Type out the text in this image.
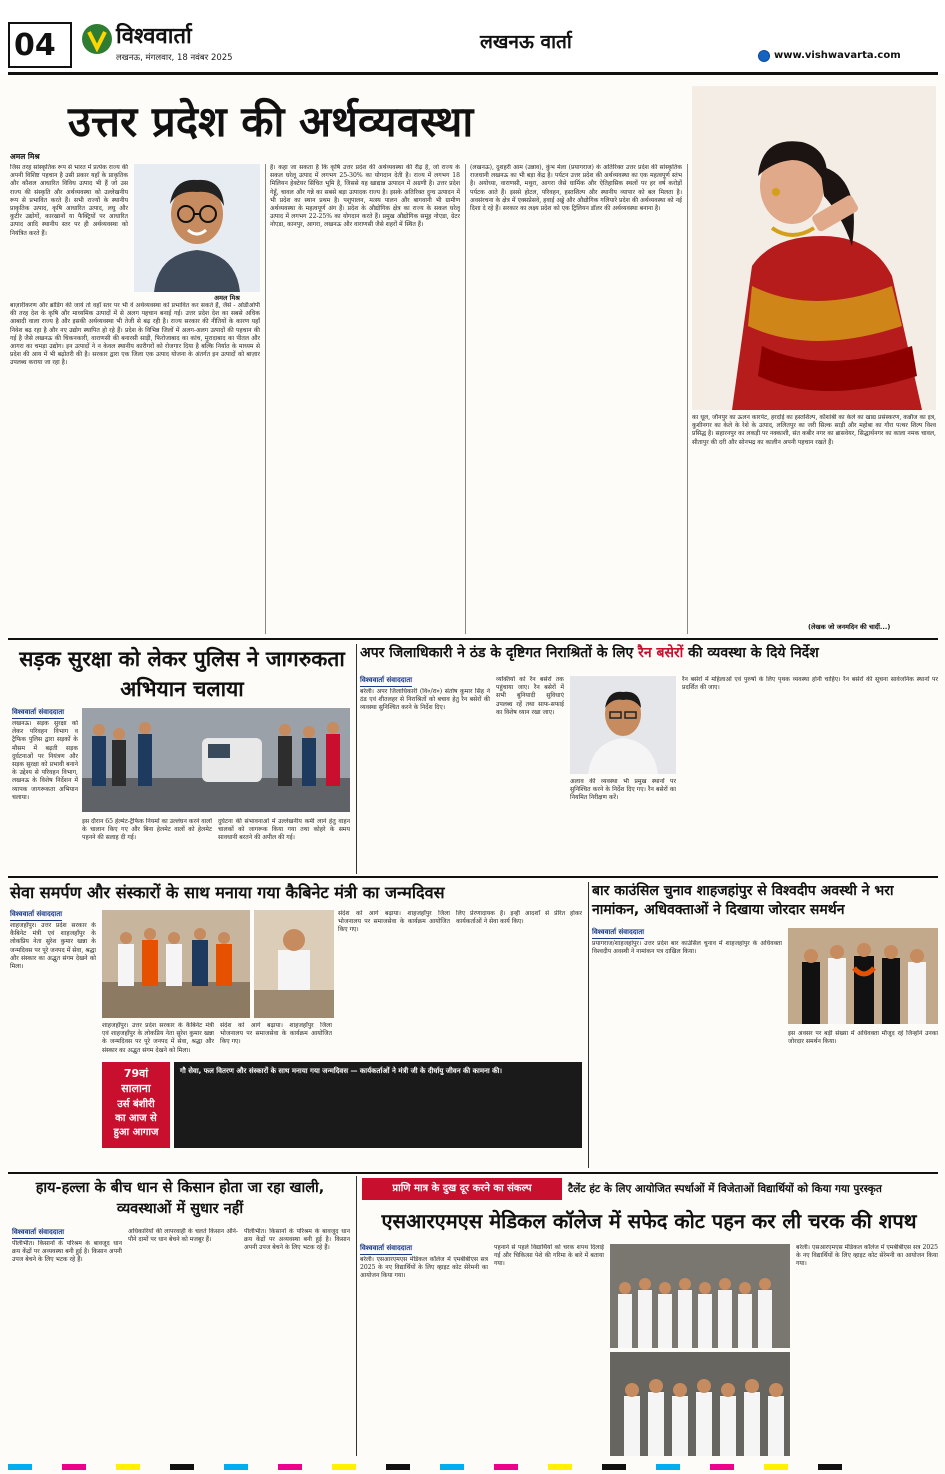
04	विश्ववार्ता
लखनऊ, मंगलवार, 18 नवंबर 2025
लखनऊ वार्ता
www.vishwavarta.com
उत्तर प्रदेश की अर्थव्यवस्था
अमल मिश्र
जिस तरह सांस्कृतिक रूप से भारत में प्रत्येक राज्य की अपनी विशिष्ट पहचान है उसी प्रकार यहाँ के प्राकृतिक और कौशल आधारित विविध उत्पाद भी हैं जो उस राज्य की संस्कृति और अर्थव्यवस्था को उल्लेखनीय रूप से प्रभावित करते हैं। सभी राज्यों के स्थानीय प्राकृतिक उत्पाद, कृषि आधारित उत्पाद, लघु और कुटीर उद्योगों, कारखानों या फैक्ट्रियों पर आधारित उत्पाद आदि स्थानीय स्तर पर ही अर्थव्यवस्था को नियंत्रित करते हैं।
अमल मिश्र
बाज़ारीकरण और ब्रांडिंग की जाये तो वहाँ स्तर पर भी वे अर्थव्यवस्था को प्रभावित कर सकते हैं, जैसे - ओडीओपी की तरह देश के कृषि और माध्यमिक उत्पादों में से अलग पहचान बनाई गई। उत्तर प्रदेश देश का सबसे अधिक आबादी वाला राज्य है और इसकी अर्थव्यवस्था भी तेजी से बढ़ रही है। राज्य सरकार की नीतियों के कारण यहाँ निवेश बढ़ रहा है और नए उद्योग स्थापित हो रहे हैं। प्रदेश के विभिन्न जिलों में अलग-अलग उत्पादों की पहचान की गई है जैसे लखनऊ की चिकनकारी, वाराणसी की बनारसी साड़ी, फिरोजाबाद का कांच, मुरादाबाद का पीतल और आगरा का चमड़ा उद्योग। इन उत्पादों ने न केवल स्थानीय कारीगरों को रोजगार दिया है बल्कि निर्यात के माध्यम से प्रदेश की आय में भी बढ़ोतरी की है। सरकार द्वारा एक जिला एक उत्पाद योजना के अंतर्गत इन उत्पादों को बाज़ार उपलब्ध कराया जा रहा है।
है। कहा जा सकता है कि कृषि उत्तर प्रदेश की अर्थव्यवस्था की रीढ़ है, जो राज्य के सकल घरेलू उत्पाद में लगभग 25-30% का योगदान देती है। राज्य में लगभग 18 मिलियन हेक्टेयर सिंचित भूमि है, जिससे यह खाद्यान्न उत्पादन में अग्रणी है। उत्तर प्रदेश गेहूँ, चावल और गन्ने का सबसे बड़ा उत्पादक राज्य है। इसके अतिरिक्त दुग्ध उत्पादन में भी प्रदेश का स्थान प्रथम है। पशुपालन, मत्स्य पालन और बागवानी भी ग्रामीण अर्थव्यवस्था के महत्वपूर्ण अंग हैं। प्रदेश के औद्योगिक क्षेत्र का राज्य के सकल घरेलू उत्पाद में लगभग 22-25% का योगदान करते हैं। प्रमुख औद्योगिक समूह नोएडा, ग्रेटर नोएडा, कानपुर, आगरा, लखनऊ और वाराणसी जैसे शहरों में स्थित हैं।
(लखनऊ), दुशहरी आम (उन्नाव), कुंभ मेला (प्रयागराज) के अतिरिक्त उत्तर प्रदेश की सांस्कृतिक राजधानी लखनऊ का भी बड़ा केंद्र है। पर्यटन उत्तर प्रदेश की अर्थव्यवस्था का एक महत्वपूर्ण स्तंभ है। अयोध्या, वाराणसी, मथुरा, आगरा जैसे धार्मिक और ऐतिहासिक स्थलों पर हर वर्ष करोड़ों पर्यटक आते हैं। इससे होटल, परिवहन, हस्तशिल्प और स्थानीय व्यापार को बल मिलता है। अवसंरचना के क्षेत्र में एक्सप्रेसवे, हवाई अड्डे और औद्योगिक गलियारे प्रदेश की अर्थव्यवस्था को नई दिशा दे रहे हैं। सरकार का लक्ष्य प्रदेश को एक ट्रिलियन डॉलर की अर्थव्यवस्था बनाना है।
का धूल, जौनपुर का ऊलन कारपेट, हरदोई का हस्तशिल्प, कौशांबी का केले का खाद्य प्रसंस्करण, कन्नौज का इत्र, कुशीनगर का केले के रेशे के उत्पाद, ललितपुर का जरी सिल्क साड़ी और महोबा का गौरा पत्थर शिल्प विश्व प्रसिद्ध है। सहारनपुर का लकड़ी पर नक्काशी, संत कबीर नगर का ब्रासवेयर, सिद्धार्थनगर का काला नमक चावल, सीतापुर की दरी और सोनभद्र का कालीन अपनी पहचान रखते हैं।
(लेखक जो जनमदिन की चादीं...)
सड़क सुरक्षा को लेकर पुलिस ने जागरुकता अभियान चलाया
विश्ववार्ता संवाददाता
लखनऊ। सड़क सुरक्षा को लेकर परिवहन विभाग व ट्रैफिक पुलिस द्वारा सड़कों के मौसम में बढ़ती सड़क दुर्घटनाओं पर नियंत्रण और सड़क सुरक्षा को प्रभावी बनाने के उद्देश्य से परिवहन विभाग, लखनऊ के विशेष निर्देशन में व्यापक जागरूकता अभियान चलाया।
इस दौरान 65 हेल्मेट-ट्रैफिक नियमों का उल्लंघन करने वालों के चालान किए गए और बिना हेलमेट वालों को हेलमेट पहनने की सलाह दी गई।
दुर्घटना की संभावनाओं में उल्लेखनीय कमी लाने हेतु वाहन चालकों को जागरूक किया गया तथा कोहरे के समय सावधानी बरतने की अपील की गई।
अपर जिलाधिकारी ने ठंड के दृष्टिगत निराश्रितों के लिए रैन बसेरों की व्यवस्था के दिये निर्देश
विश्ववार्ता संवाददाता
बरेली। अपर जिलाधिकारी (वि०/रा०) संतोष कुमार सिंह ने ठंड एवं शीतलहर से निराश्रितों को बचाव हेतु रैन बसेरों की व्यवस्था सुनिश्चित करने के निर्देश दिए।
व्यक्तियों को रैन बसेरों तक पहुंचाया जाए। रैन बसेरों में सभी बुनियादी सुविधाएं उपलब्ध रहें तथा साफ-सफाई का विशेष ध्यान रखा जाए।
अलाव की व्यवस्था भी प्रमुख स्थानों पर सुनिश्चित करने के निर्देश दिए गए। रैन बसेरों का नियमित निरीक्षण करें।
रैन बसेरों में महिलाओं एवं पुरुषों के लिए पृथक व्यवस्था होनी चाहिए। रैन बसेरों की सूचना सार्वजनिक स्थानों पर प्रदर्शित की जाए।
सेवा समर्पण और संस्कारों के साथ मनाया गया कैबिनेट मंत्री का जन्मदिवस
विश्ववार्ता संवाददाता
शाहजहाँपुर। उत्तर प्रदेश सरकार के कैबिनेट मंत्री एवं शाहजहाँपुर के लोकप्रिय नेता सुरेश कुमार खन्ना के जन्मदिवस पर पूरे जनपद में सेवा, श्रद्धा और संस्कार का अद्भुत संगम देखने को मिला।
संदेश को आगे बढ़ाया। शाहजहाँपुर जिला भोजनालय पर समाजसेवा के कार्यक्रम आयोजित किए गए।
लिए प्रेरणादायक है। इन्हीं आदर्शों से प्रेरित होकर कार्यकर्ताओं ने सेवा कार्य किए।
शाहजहाँपुर। उत्तर प्रदेश सरकार के कैबिनेट मंत्री एवं शाहजहाँपुर के लोकप्रिय नेता सुरेश कुमार खन्ना के जन्मदिवस पर पूरे जनपद में सेवा, श्रद्धा और संस्कार का अद्भुत संगम देखने को मिला।
संदेश को आगे बढ़ाया। शाहजहाँपुर जिला भोजनालय पर समाजसेवा के कार्यक्रम आयोजित किए गए।
79वां
सालाना
उर्स बंशीरी
का आज से
हुआ आगाज
गौ सेवा, फल वितरण और संस्कारों के साथ मनाया गया जन्मदिवस — कार्यकर्ताओं ने मंत्री जी के दीर्घायु जीवन की कामना की।
बार काउंसिल चुनाव शाहजहांपुर से विश्वदीप अवस्थी ने भरा नामांकन, अधिवक्ताओं ने दिखाया जोरदार समर्थन
विश्ववार्ता संवाददाता
प्रयागराज/शाहजहांपुर। उत्तर प्रदेश बार काउंसिल चुनाव में शाहजहांपुर के अधिवक्ता विश्वदीप अवस्थी ने नामांकन पत्र दाखिल किया।
इस अवसर पर बड़ी संख्या में अधिवक्ता मौजूद रहे जिन्होंने उनका जोरदार समर्थन किया।
हाय-हल्ला के बीच धान से किसान होता जा रहा खाली, व्यवस्थाओं में सुधार नहीं
विश्ववार्ता संवाददाता
पीलीभीत। किसानों के परिश्रम के बावजूद धान क्रय केंद्रों पर अव्यवस्था बनी हुई है। किसान अपनी उपज बेचने के लिए भटक रहे हैं।
अधिकारियों की लापरवाही के चलते किसान औने-पौने दामों पर धान बेचने को मजबूर हैं।
पीलीभीत। किसानों के परिश्रम के बावजूद धान क्रय केंद्रों पर अव्यवस्था बनी हुई है। किसान अपनी उपज बेचने के लिए भटक रहे हैं।
प्राणि मात्र के दुख दूर करने का संकल्प	टैलेंट हंट के लिए आयोजित स्पर्धाओं में विजेताओं विद्यार्थियों को किया गया पुरस्कृत
एसआरएमएस मेडिकल कॉलेज में सफेद कोट पहन कर ली चरक की शपथ
विश्ववार्ता संवाददाता
बरेली। एसआरएमएस मेडिकल कॉलेज में एमबीबीएस सत्र 2025 के नए विद्यार्थियों के लिए व्हाइट कोट सेरेमनी का आयोजन किया गया।
पहनाने से पहले विद्यार्थियों को चरक शपथ दिलाई गई और चिकित्सा पेशे की गरिमा के बारे में बताया गया।
बरेली। एसआरएमएस मेडिकल कॉलेज में एमबीबीएस सत्र 2025 के नए विद्यार्थियों के लिए व्हाइट कोट सेरेमनी का आयोजन किया गया।
